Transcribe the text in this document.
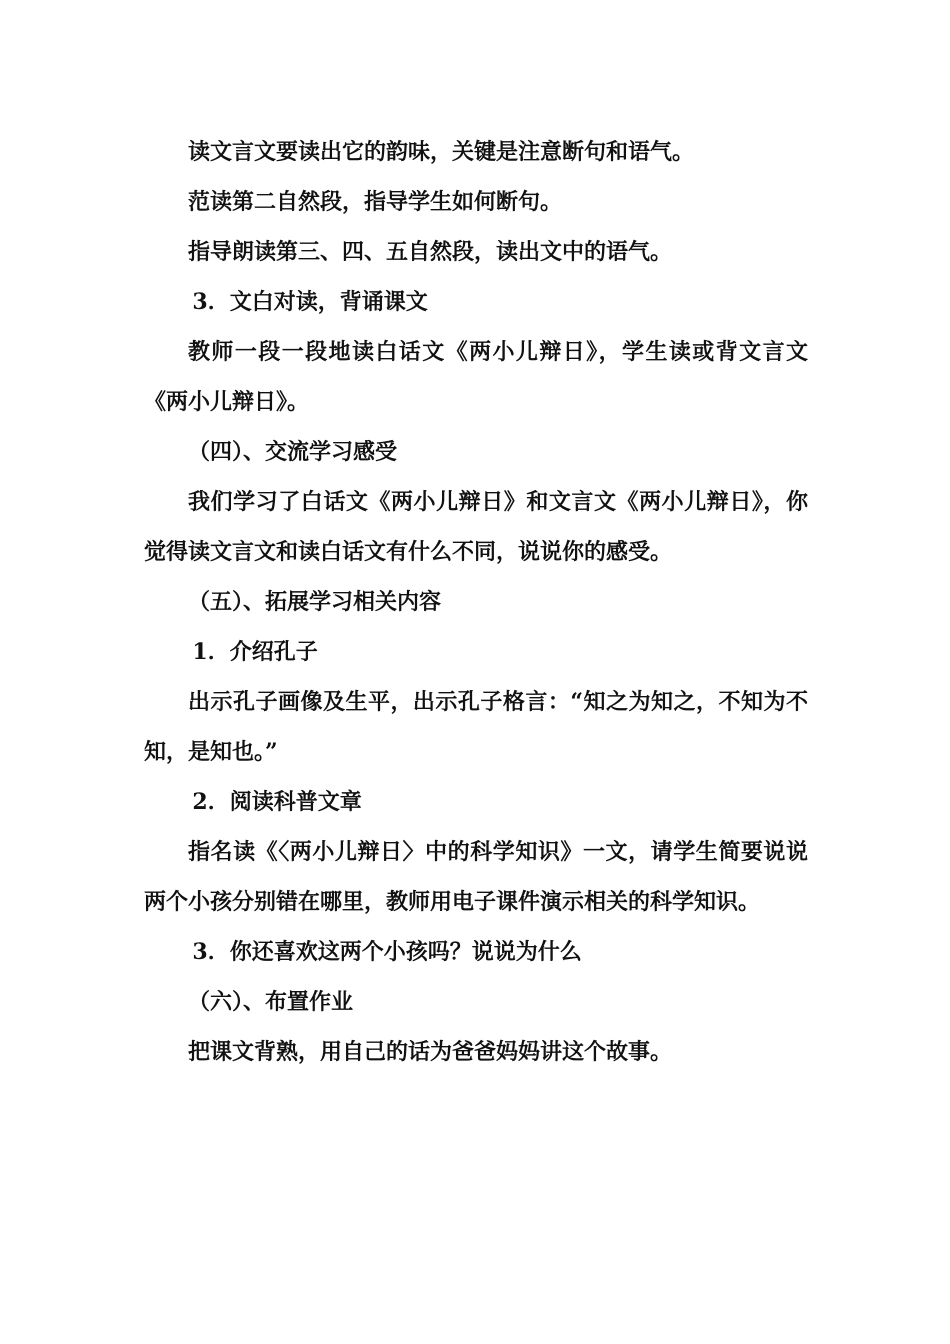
读文言文要读出它的韵味，关键是注意断句和语气。

范读第二自然段，指导学生如何断句。

指导朗读第三、四、五自然段，读出文中的语气。

3．文白对读，背诵课文

教师一段一段地读白话文《两小儿辩日》，学生读或背文言文《两小儿辩日》。

（四）、交流学习感受

我们学习了白话文《两小儿辩日》和文言文《两小儿辩日》，你觉得读文言文和读白话文有什么不同，说说你的感受。

（五）、拓展学习相关内容

1．介绍孔子

出示孔子画像及生平，出示孔子格言：“知之为知之，不知为不知，是知也。”

2．阅读科普文章

指名读《〈两小儿辩日〉中的科学知识》一文，请学生简要说说两个小孩分别错在哪里，教师用电子课件演示相关的科学知识。

3．你还喜欢这两个小孩吗？说说为什么

（六）、布置作业

把课文背熟，用自己的话为爸爸妈妈讲这个故事。
